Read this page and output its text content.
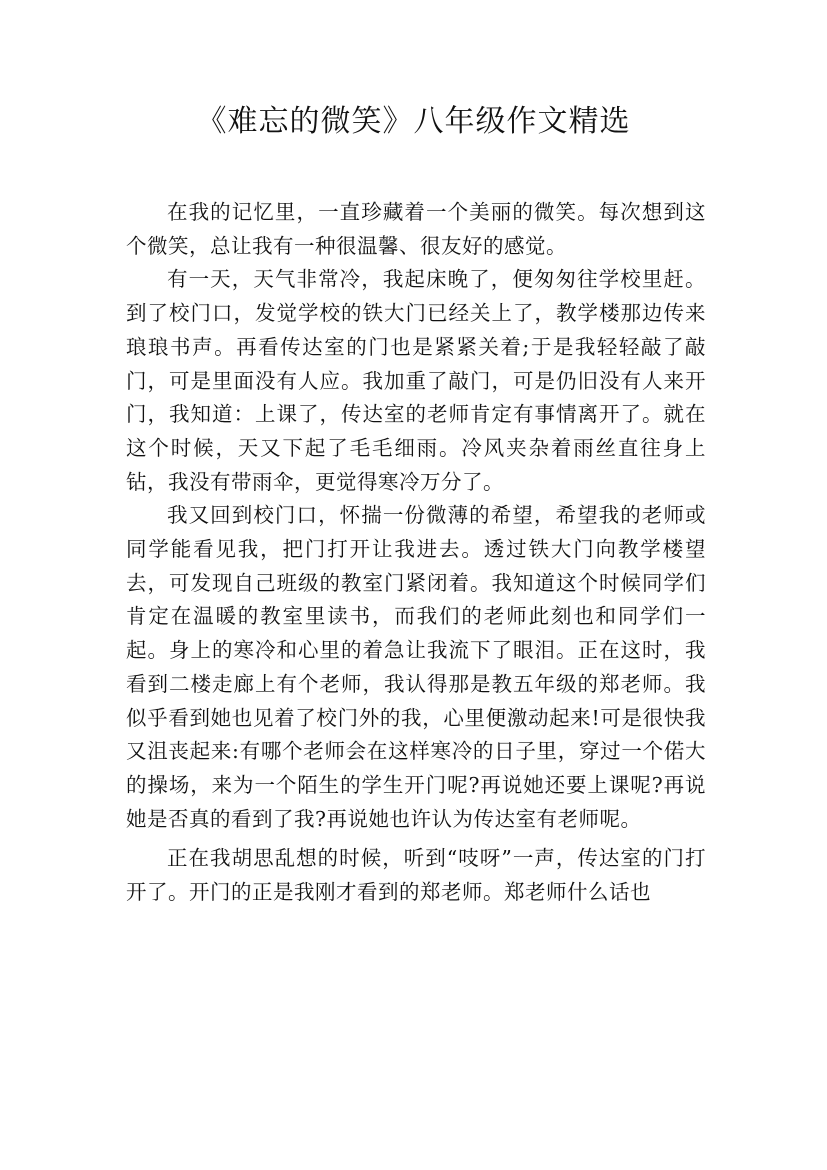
《难忘的微笑》八年级作文精选

在我的记忆里，一直珍藏着一个美丽的微笑。每次想到这个微笑，总让我有一种很温馨、很友好的感觉。

有一天，天气非常冷，我起床晚了，便匆匆往学校里赶。到了校门口，发觉学校的铁大门已经关上了，教学楼那边传来琅琅书声。再看传达室的门也是紧紧关着;于是我轻轻敲了敲门，可是里面没有人应。我加重了敲门，可是仍旧没有人来开门，我知道：上课了，传达室的老师肯定有事情离开了。就在这个时候，天又下起了毛毛细雨。冷风夹杂着雨丝直往身上钻，我没有带雨伞，更觉得寒冷万分了。

我又回到校门口，怀揣一份微薄的希望，希望我的老师或同学能看见我，把门打开让我进去。透过铁大门向教学楼望去，可发现自己班级的教室门紧闭着。我知道这个时候同学们肯定在温暖的教室里读书，而我们的老师此刻也和同学们一起。身上的寒冷和心里的着急让我流下了眼泪。正在这时，我看到二楼走廊上有个老师，我认得那是教五年级的郑老师。我似乎看到她也见着了校门外的我，心里便激动起来!可是很快我又沮丧起来:有哪个老师会在这样寒冷的日子里，穿过一个偌大的操场，来为一个陌生的学生开门呢?再说她还要上课呢?再说她是否真的看到了我?再说她也许认为传达室有老师呢。

正在我胡思乱想的时候，听到“吱呀”一声，传达室的门打开了。开门的正是我刚才看到的郑老师。郑老师什么话也
